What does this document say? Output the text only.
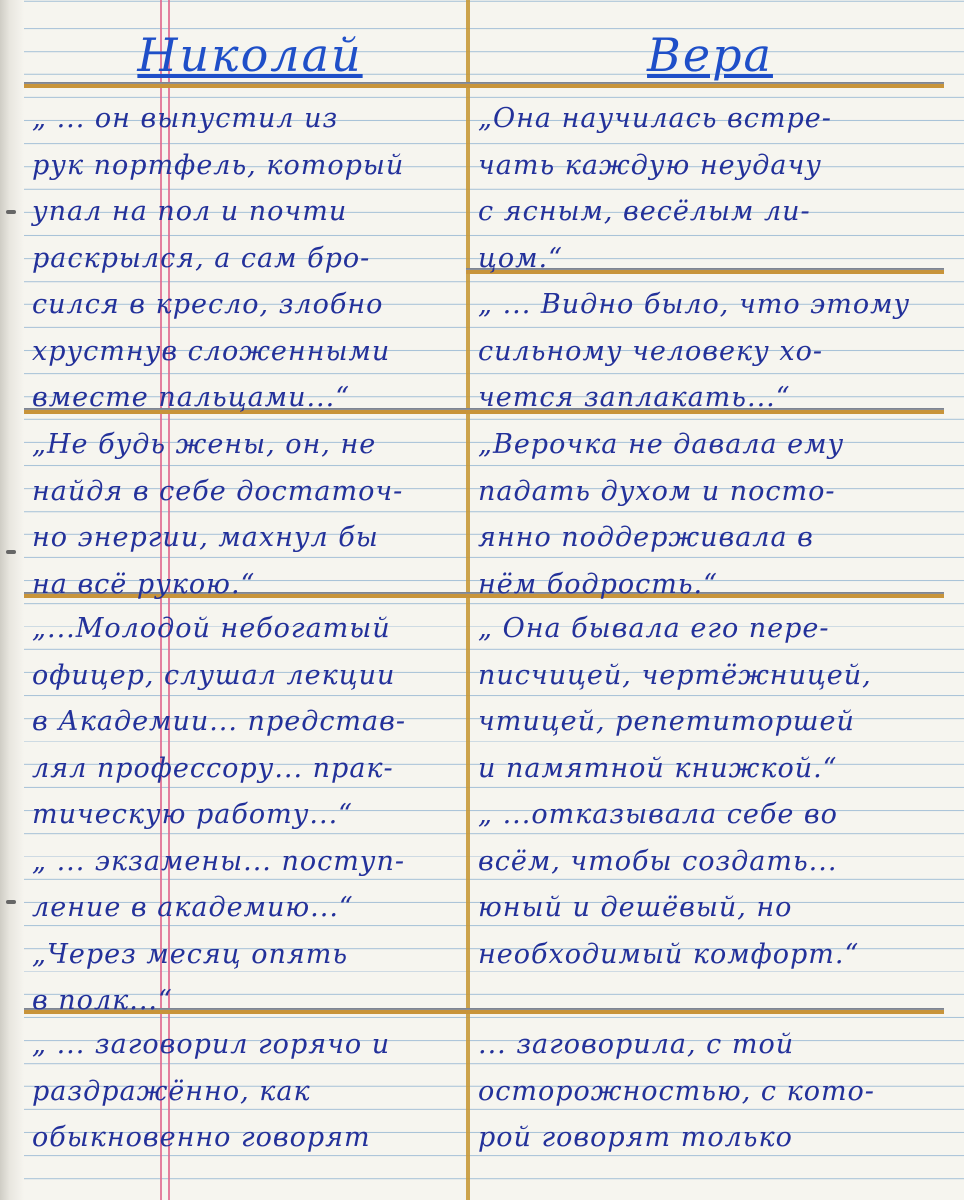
Николай	Вера
„ ... он выпустил из
рук портфель, который
упал на пол и почти
раскрылся, а сам бро-
сился в кресло, злобно
хрустнув сложенными
вместе пальцами...“
„Она научилась встре-
чать каждую неудачу
с ясным, весёлым ли-
цом.“
„ ... Видно было, что этому
сильному человеку хо-
чется заплакать...“
„Не будь жены, он, не
найдя в себе достаточ-
но энергии, махнул бы
на всё рукою.“
„Верочка не давала ему
падать духом и посто-
янно поддерживала в
нём бодрость.“
„...Молодой небогатый
офицер, слушал лекции
в Академии... представ-
лял профессору... прак-
тическую работу...“
„ ... экзамены... поступ-
ление в академию...“
„Через месяц опять
в полк...“
„ Она бывала его пере-
писчицей, чертёжницей,
чтицей, репетиторшей
и памятной книжкой.“
„ ...отказывала себе во
всём, чтобы создать...
юный и дешёвый, но
необходимый комфорт.“
„ ... заговорил горячо и
раздражённо, как
обыкновенно говорят
... заговорила, с той
осторожностью, с кото-
рой говорят только
